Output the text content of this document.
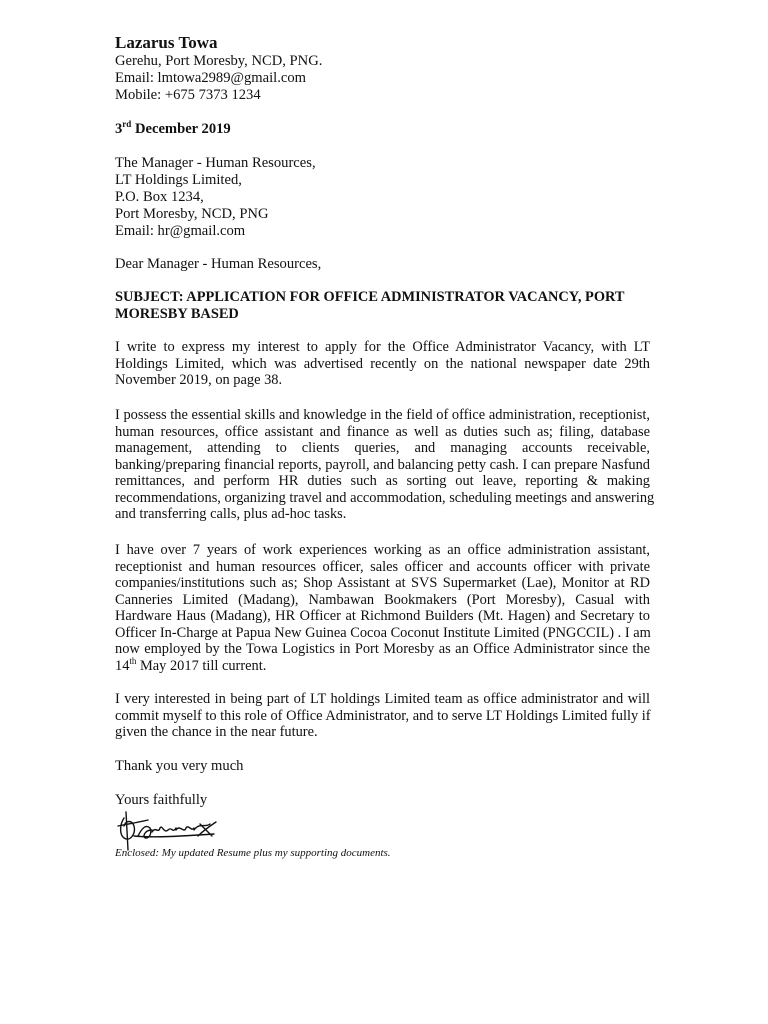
Lazarus Towa
Gerehu, Port Moresby, NCD, PNG.
Email: lmtowa2989@gmail.com
Mobile: +675 7373 1234
3rd December 2019
The Manager - Human Resources,
LT Holdings Limited,
P.O. Box 1234,
Port Moresby, NCD, PNG
Email: hr@gmail.com
Dear Manager - Human Resources,
SUBJECT: APPLICATION FOR OFFICE ADMINISTRATOR VACANCY, PORT MORESBY BASED
I write to express my interest to apply for the Office Administrator Vacancy, with LT
Holdings Limited, which was advertised recently on the national newspaper date 29th
November 2019, on page 38.
I possess the essential skills and knowledge in the field of office administration, receptionist,
human resources, office assistant and finance as well as duties such as; filing, database
management, attending to clients queries, and managing accounts receivable,
banking/preparing financial reports, payroll, and balancing petty cash. I can prepare Nasfund
remittances, and perform HR duties such as sorting out leave, reporting & making
recommendations, organizing travel and accommodation, scheduling meetings and answering
and transferring calls, plus ad-hoc tasks.
I have over 7 years of work experiences working as an office administration assistant,
receptionist and human resources officer, sales officer and accounts officer with private
companies/institutions such as; Shop Assistant at SVS Supermarket (Lae), Monitor at RD
Canneries Limited (Madang), Nambawan Bookmakers (Port Moresby), Casual with
Hardware Haus (Madang), HR Officer at Richmond Builders (Mt. Hagen) and Secretary to
Officer In-Charge at Papua New Guinea Cocoa Coconut Institute Limited (PNGCCIL) . I am
now employed by the Towa Logistics in Port Moresby as an Office Administrator since the
14th May 2017 till current.
I very interested in being part of LT holdings Limited team as office administrator and will
commit myself to this role of Office Administrator, and to serve LT Holdings Limited fully if
given the chance in the near future.
Thank you very much
Yours faithfully
Enclosed: My updated Resume plus my supporting documents.
